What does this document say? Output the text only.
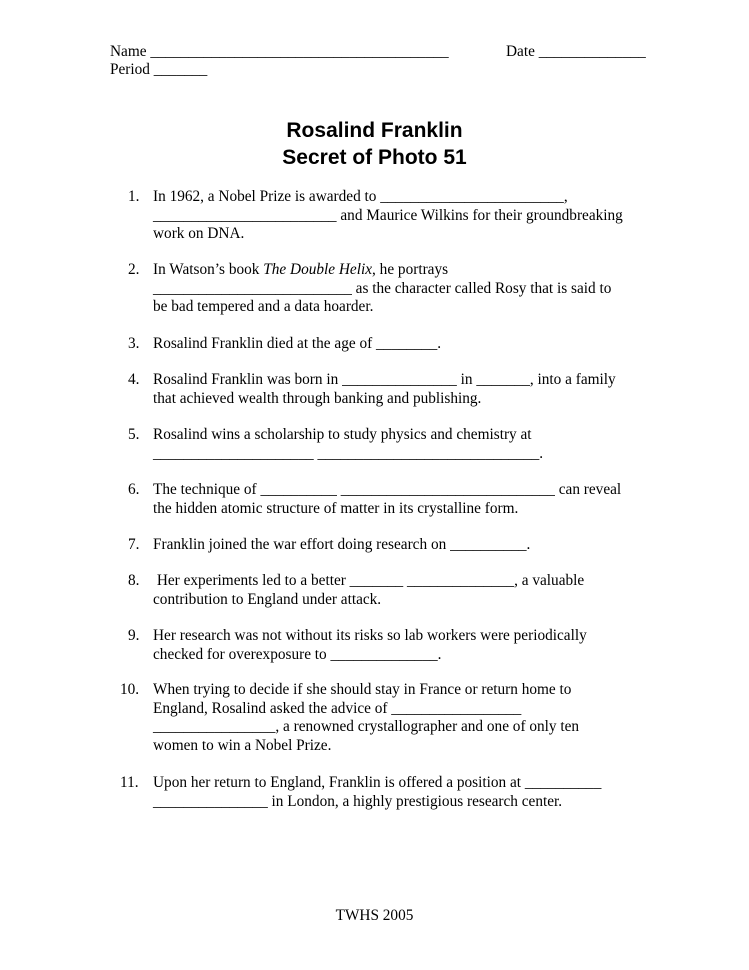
Name _______________________________________	Date ______________
Period _______
Rosalind Franklin
Secret of Photo 51
1. In 1962, a Nobel Prize is awarded to ________________________,
________________________ and Maurice Wilkins for their groundbreaking
work on DNA.
2. In Watson’s book The Double Helix, he portrays
__________________________ as the character called Rosy that is said to
be bad tempered and a data hoarder.
3. Rosalind Franklin died at the age of ________.
4. Rosalind Franklin was born in _______________ in _______, into a family
that achieved wealth through banking and publishing.
5. Rosalind wins a scholarship to study physics and chemistry at
_____________________ _____________________________.
6. The technique of __________ ____________________________ can reveal
the hidden atomic structure of matter in its crystalline form.
7. Franklin joined the war effort doing research on __________.
8. Her experiments led to a better _______ ______________, a valuable
contribution to England under attack.
9. Her research was not without its risks so lab workers were periodically
checked for overexposure to ______________.
10. When trying to decide if she should stay in France or return home to
England, Rosalind asked the advice of _________________
________________, a renowned crystallographer and one of only ten
women to win a Nobel Prize.
11. Upon her return to England, Franklin is offered a position at __________
_______________ in London, a highly prestigious research center.
TWHS 2005
